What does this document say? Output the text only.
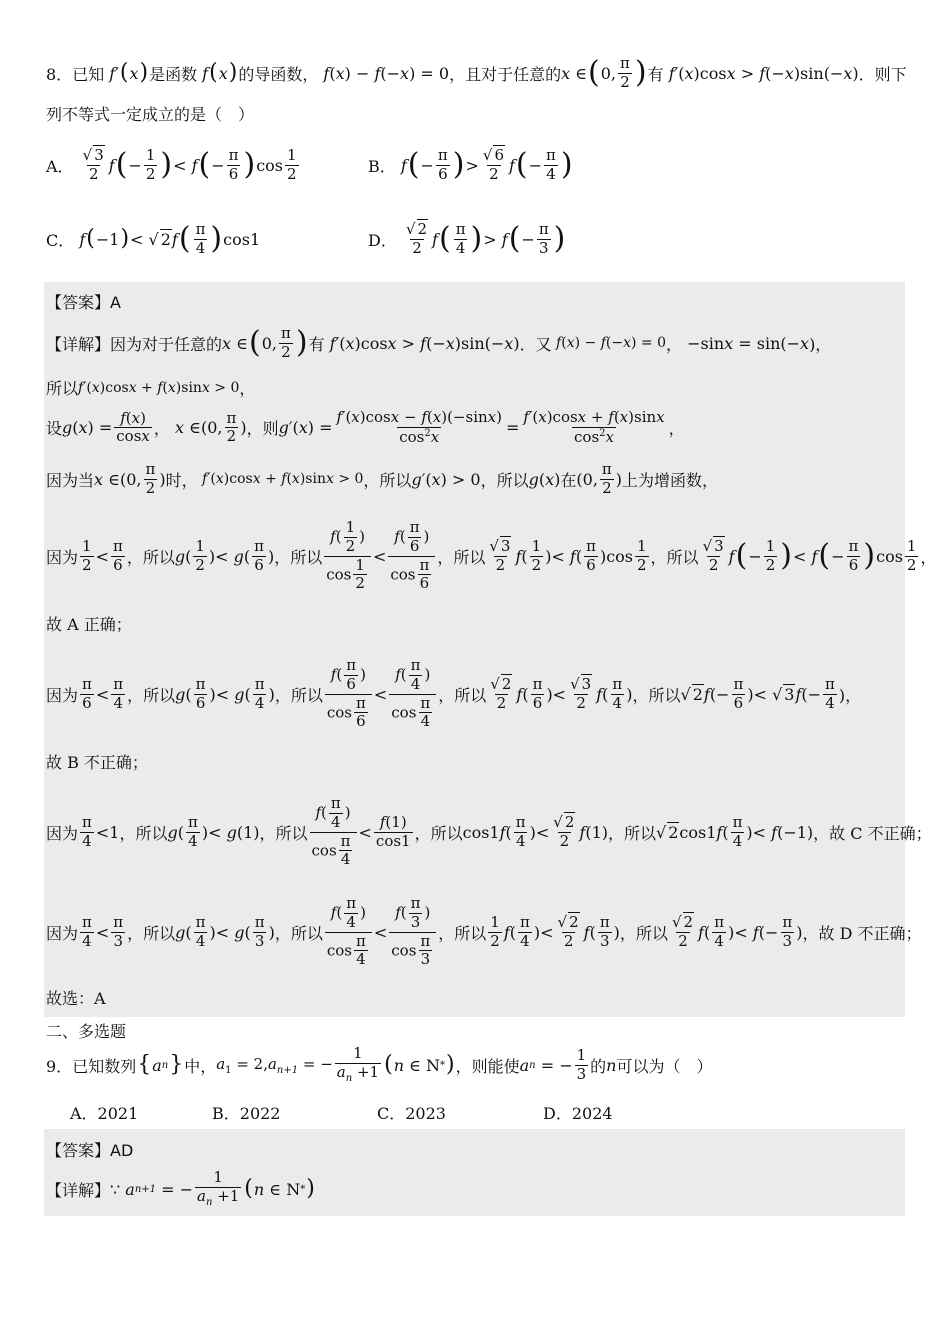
8． 已知 f′ ( x ) 是函数 f ( x ) 的导函数， f ( x ) − f (− x ) = 0 ，且对于任意的 x ∈ ( 0, $\frac{\pi}{2}$ ) 有 f′ ( x )cos x > f (− x )sin(− x ) ．则下
列不等式一定成立的是（　）
A．
$\frac{√ 3}{2}$ f ( − $\frac{1}{2}$ ) < f ( − $\frac{\pi}{6}$ ) $\cos \frac{1}{2}$	B．
f ( − $\frac{\pi}{6}$ ) > $\frac{√ 6}{2}$ f ( − $\frac{\pi}{4}$ )
C．
f ( −1 ) < √ 2 f ( $\frac{\pi}{4}$ ) cos1	D．
$\frac{√ 2}{2}$ f ( $\frac{\pi}{4}$ ) > f ( − $\frac{\pi}{3}$ )
【答案】A
【详解】 因为对于任意的 x ∈ ( 0, $\frac{\pi}{2}$ ) 有 f′ ( x )cos x > f (− x )sin(− x ) ．又 f(x) − f(−x) = 0 ， −sin x = sin(− x )，
所以 f′ ( x )cos x + f ( x )sin x > 0 ，
设 g ( x ) = $\frac{f(x)}{\cos x}$ ， x ∈(0, $\frac{\pi}{2}$ ) ，则 g′ ( x ) = $\frac{f'(x)\cos x - f(x)(-\sin x)}{\cos^2x} = \frac{f'(x)\cos x + f(x)\sin x}{\cos^2x}$ ，
因为当 x ∈(0, $\frac{\pi}{2}$ ) 时， f′(x)cosx + f(x)sinx > 0 ，所以 g′ ( x ) > 0 ，所以 g ( x ) 在 (0, $\frac{\pi}{2}$ ) 上为增函数，
因为 $\frac{1}{2} < \frac{\pi}{6}$ ，所以 g ( $\frac{1}{2}$ )< g ( $\frac{\pi}{6}$ ) ，所以 $\frac{f( \frac{1}{2} )}{\cos \frac{1}{2}} < \frac{f( \frac{\pi}{6} )}{\cos \frac{\pi}{6}}$ ，所以 $\frac{√ 3}{2}$ f ( $\frac{1}{2}$ )< f ( $\frac{\pi}{6} )\cos \frac{1}{2}$ ，所以 $\frac{√ 3}{2}$ f ( − $\frac{1}{2}$ ) < f ( − $\frac{\pi}{6}$ ) $\cos \frac{1}{2}$ ，
故 A 正确；
因为 $\frac{\pi}{6} < \frac{\pi}{4}$ ，所以 g ( $\frac{\pi}{6}$ )< g ( $\frac{\pi}{4}$ ) ，所以 $\frac{f( \frac{\pi}{6} )}{\cos \frac{\pi}{6}} < \frac{f( \frac{\pi}{4} )}{\cos \frac{\pi}{4}}$ ，所以 $\frac{√ 2}{2}$ f ( $\frac{\pi}{6}$ )< $\frac{√ 3}{2}$ f ( $\frac{\pi}{4}$ ) ，所以 √ 2 f (− $\frac{\pi}{6}$ )< √ 3 f (− $\frac{\pi}{4}$ )，
故 B 不正确；
因为 $\frac{\pi}{4} <1$ ，所以 g ( $\frac{\pi}{4}$ )< g (1) ，所以 $\frac{f( \frac{\pi}{4} )}{\cos \frac{\pi}{4}} < \frac{f(1)}{\cos 1}$ ，所以 cos1 f ( $\frac{\pi}{4}$ )< $\frac{√ 2}{2}$ f (1) ，所以 √ 2 cos1 f ( $\frac{\pi}{4}$ )< f (−1) ，故 C 不正确；
因为 $\frac{\pi}{4} < \frac{\pi}{3}$ ，所以 g ( $\frac{\pi}{4}$ )< g ( $\frac{\pi}{3}$ ) ，所以 $\frac{f( \frac{\pi}{4} )}{\cos \frac{\pi}{4}} < \frac{f( \frac{\pi}{3} )}{\cos \frac{\pi}{3}}$ ，所以 $\frac{1}{2}$ f ( $\frac{\pi}{4}$ )< $\frac{√ 2}{2}$ f ( $\frac{\pi}{3}$ ) ，所以 $\frac{√ 2}{2}$ f ( $\frac{\pi}{4}$ )< f (− $\frac{\pi}{3}$ ) ，故 D 不正确；
故选：A
二、多选题
9． 已知数列 { a n } 中， $a_1 = 2,a_{n+1}$ = − $\frac{1}{a_n +1}$ ( n ∈ N * ) ，则能使 a n = − $\frac{1}{3}$ 的 n 可以为（　）
A．2021	B．2022	C．2023	D．2024
【答案】AD
【详解】 ∵ a n+1 = − $\frac{1}{a_n +1}$ ( n ∈ N * )
